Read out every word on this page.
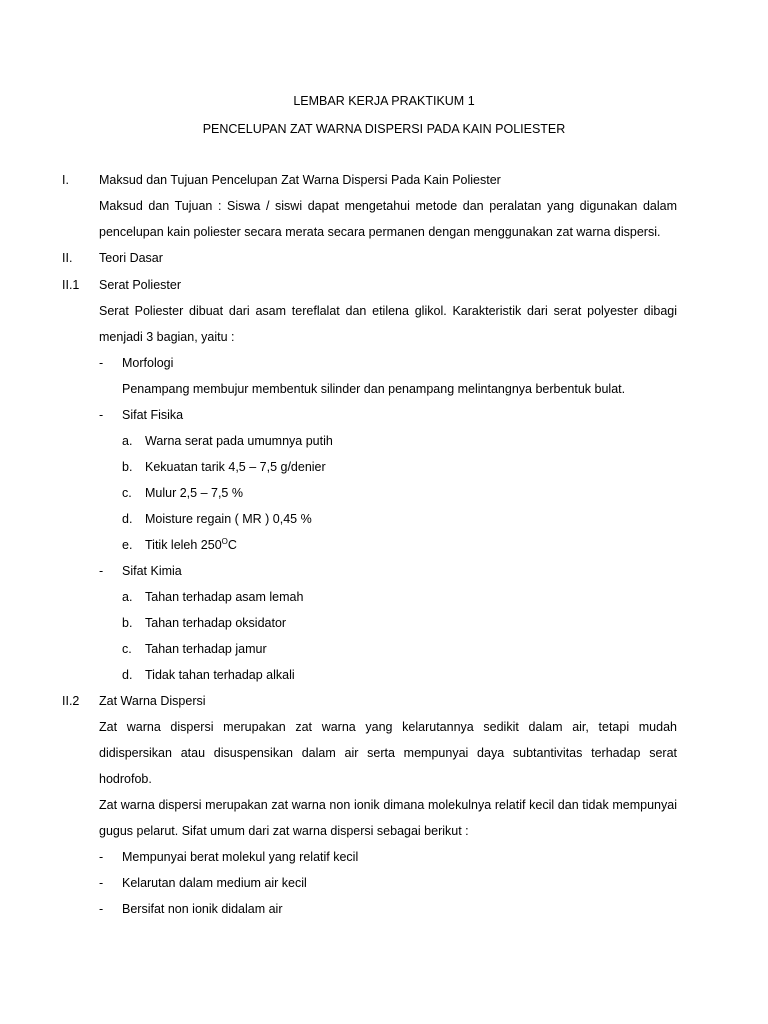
LEMBAR KERJA PRAKTIKUM 1
PENCELUPAN ZAT WARNA DISPERSI PADA KAIN POLIESTER
I. Maksud dan Tujuan Pencelupan Zat Warna Dispersi Pada Kain Poliester
Maksud dan Tujuan : Siswa / siswi dapat mengetahui metode dan peralatan yang digunakan dalam
pencelupan kain poliester secara merata secara permanen dengan menggunakan zat warna dispersi.
II. Teori Dasar
II.1 Serat Poliester
Serat Poliester dibuat dari asam tereflalat dan etilena glikol. Karakteristik dari serat polyester dibagi
menjadi 3 bagian, yaitu :
- Morfologi
Penampang membujur membentuk silinder dan penampang melintangnya berbentuk bulat.
- Sifat Fisika
a. Warna serat pada umumnya putih
b. Kekuatan tarik 4,5 – 7,5 g/denier
c. Mulur 2,5 – 7,5 %
d. Moisture regain ( MR ) 0,45 %
e. Titik leleh $250^OC$
- Sifat Kimia
a. Tahan terhadap asam lemah
b. Tahan terhadap oksidator
c. Tahan terhadap jamur
d. Tidak tahan terhadap alkali
II.2 Zat Warna Dispersi
Zat warna dispersi merupakan zat warna yang kelarutannya sedikit dalam air, tetapi mudah
didispersikan atau disuspensikan dalam air serta mempunyai daya subtantivitas terhadap serat
hodrofob.
Zat warna dispersi merupakan zat warna non ionik dimana molekulnya relatif kecil dan tidak mempunyai
gugus pelarut. Sifat umum dari zat warna dispersi sebagai berikut :
- Mempunyai berat molekul yang relatif kecil
- Kelarutan dalam medium air kecil
- Bersifat non ionik didalam air
